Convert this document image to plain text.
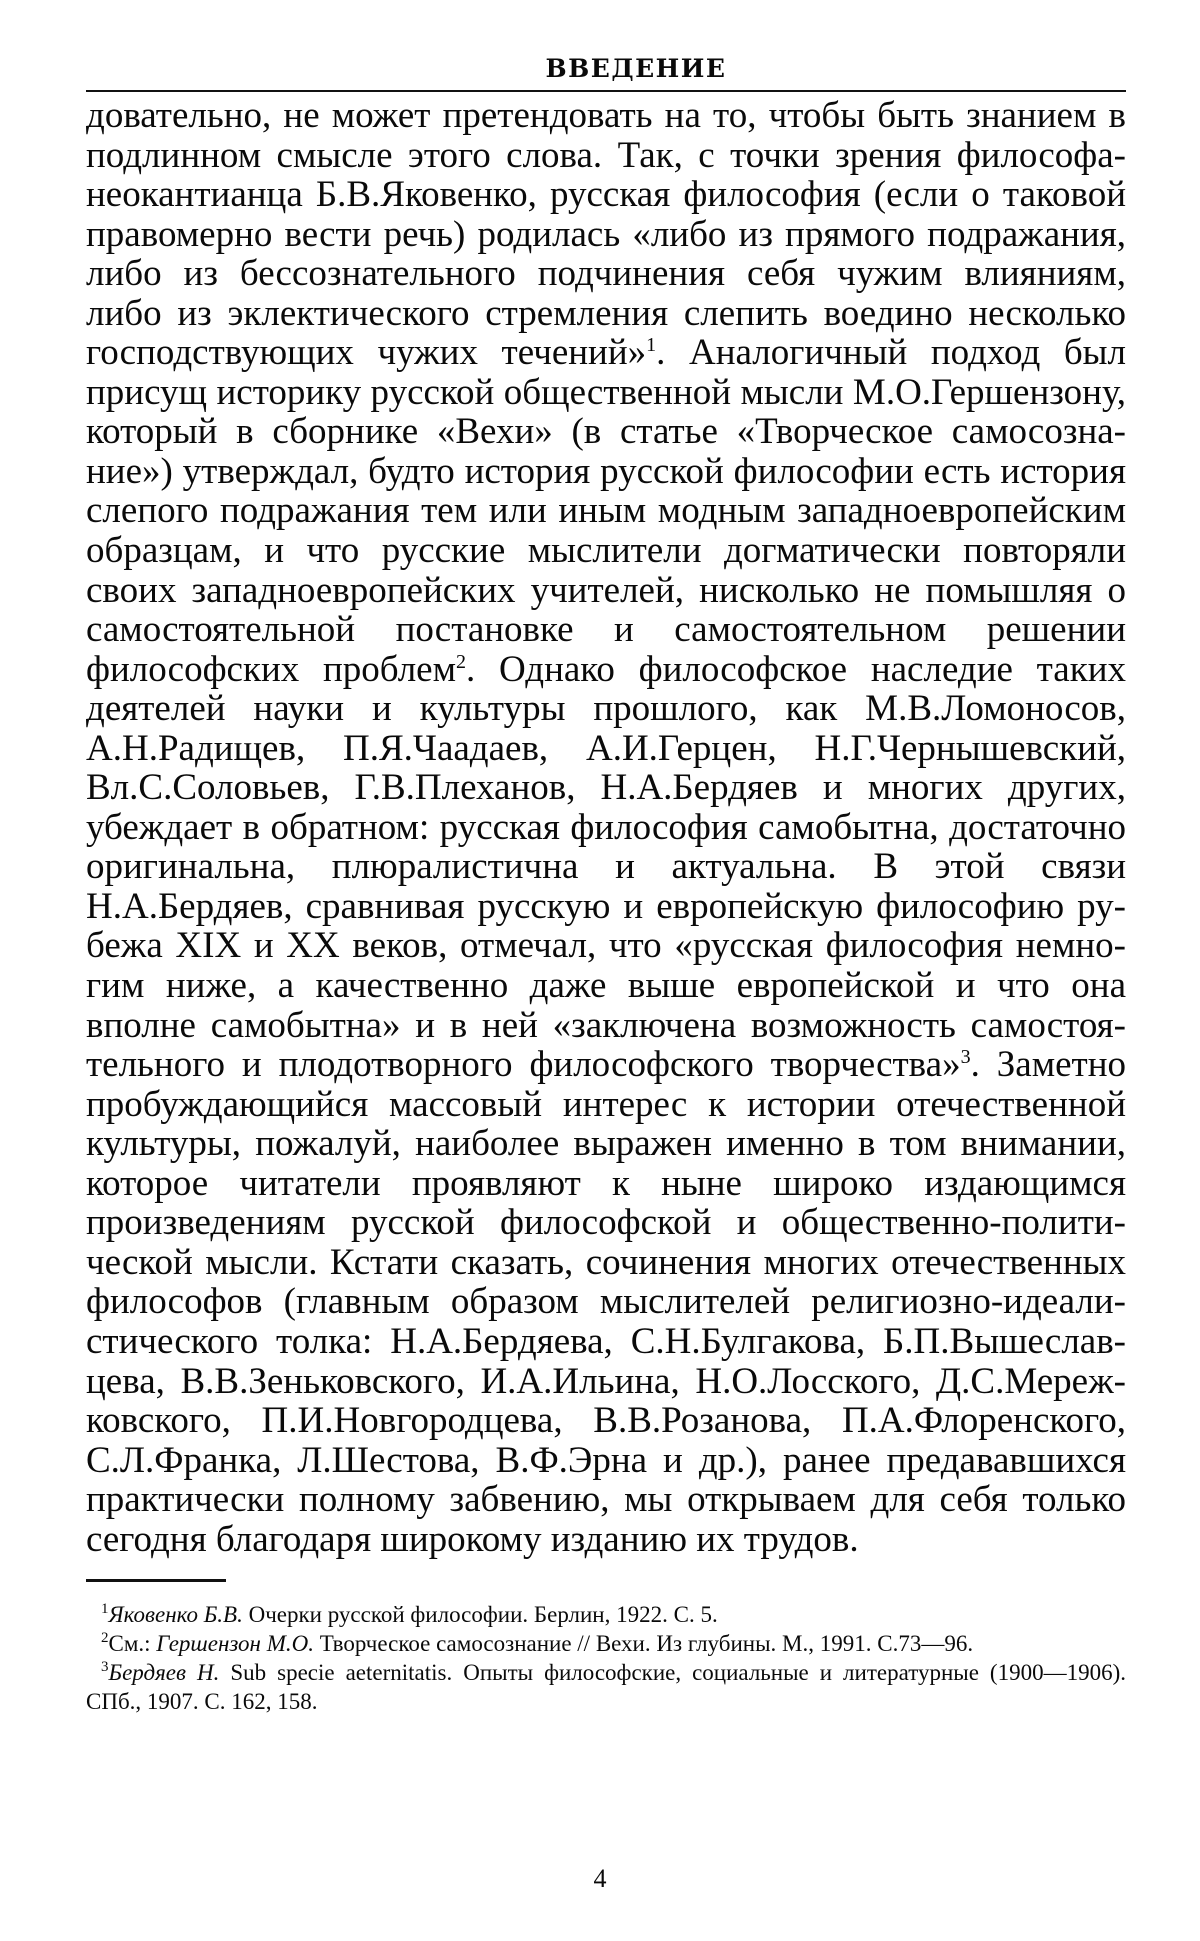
ВВЕДЕНИЕ

довательно, не может претендовать на то, чтобы быть знанием в подлинном смысле этого слова. Так, с точки зрения философа-неокантианца Б.В.Яковенко, русская философия (если о таковой правомерно вести речь) родилась «либо из прямого подражания, либо из бессознательного подчинения себя чужим влияниям, либо из эклектического стремления слепить воедино несколько господствующих чужих течений»$^1$. Аналогичный подход был присущ историку русской общественной мысли М.О.Гершензону, который в сборнике «Вехи» (в статье «Творческое самосознание») утверждал, будто история русской философии есть история слепого подражания тем или иным модным западноевропейским образцам, и что русские мыслители догматически повторяли своих западноевропейских учителей, нисколько не помышляя о самостоятельной постановке и самостоятельном решении философских проблем$^2$. Однако философское наследие таких деятелей науки и культуры прошлого, как М.В.Ломоносов, А.Н.Радищев, П.Я.Чаадаев, А.И.Герцен, Н.Г.Чернышевский, Вл.С.Соловьев, Г.В.Плеханов, Н.А.Бердяев и многих других, убеждает в обратном: русская философия самобытна, достаточно оригинальна, плюралистична и актуальна. В этой связи Н.А.Бердяев, сравнивая русскую и европейскую философию рубежа XIX и XX веков, отмечал, что «русская философия немногим ниже, а качественно даже выше европейской и что она вполне самобытна» и в ней «заключена возможность самостоятельного и плодотворного философского творчества»$^3$. Заметно пробуждающийся массовый интерес к истории отечественной культуры, пожалуй, наиболее выражен именно в том внимании, которое читатели проявляют к ныне широко издающимся произведениям русской философской и общественно-политической мысли. Кстати сказать, сочинения многих отечественных философов (главным образом мыслителей религиозно-идеалистического толка: Н.А.Бердяева, С.Н.Булгакова, Б.П.Вышеславцева, В.В.Зеньковского, И.А.Ильина, Н.О.Лосского, Д.С.Мережковского, П.И.Новгородцева, В.В.Розанова, П.А.Флоренского, С.Л.Франка, Л.Шестова, В.Ф.Эрна и др.), ранее предававшихся практически полному забвению, мы открываем для себя только сегодня благодаря широкому изданию их трудов.

$^1$Яковенко Б.В. Очерки русской философии. Берлин, 1922. С. 5.

$^2$См.: Гершензон М.О. Творческое самосознание // Вехи. Из глубины. М., 1991. С.73—96.

$^3$Бердяев Н. Sub specie aeternitatis. Опыты философские, социальные и литературные (1900—1906). СПб., 1907. С. 162, 158.

4
